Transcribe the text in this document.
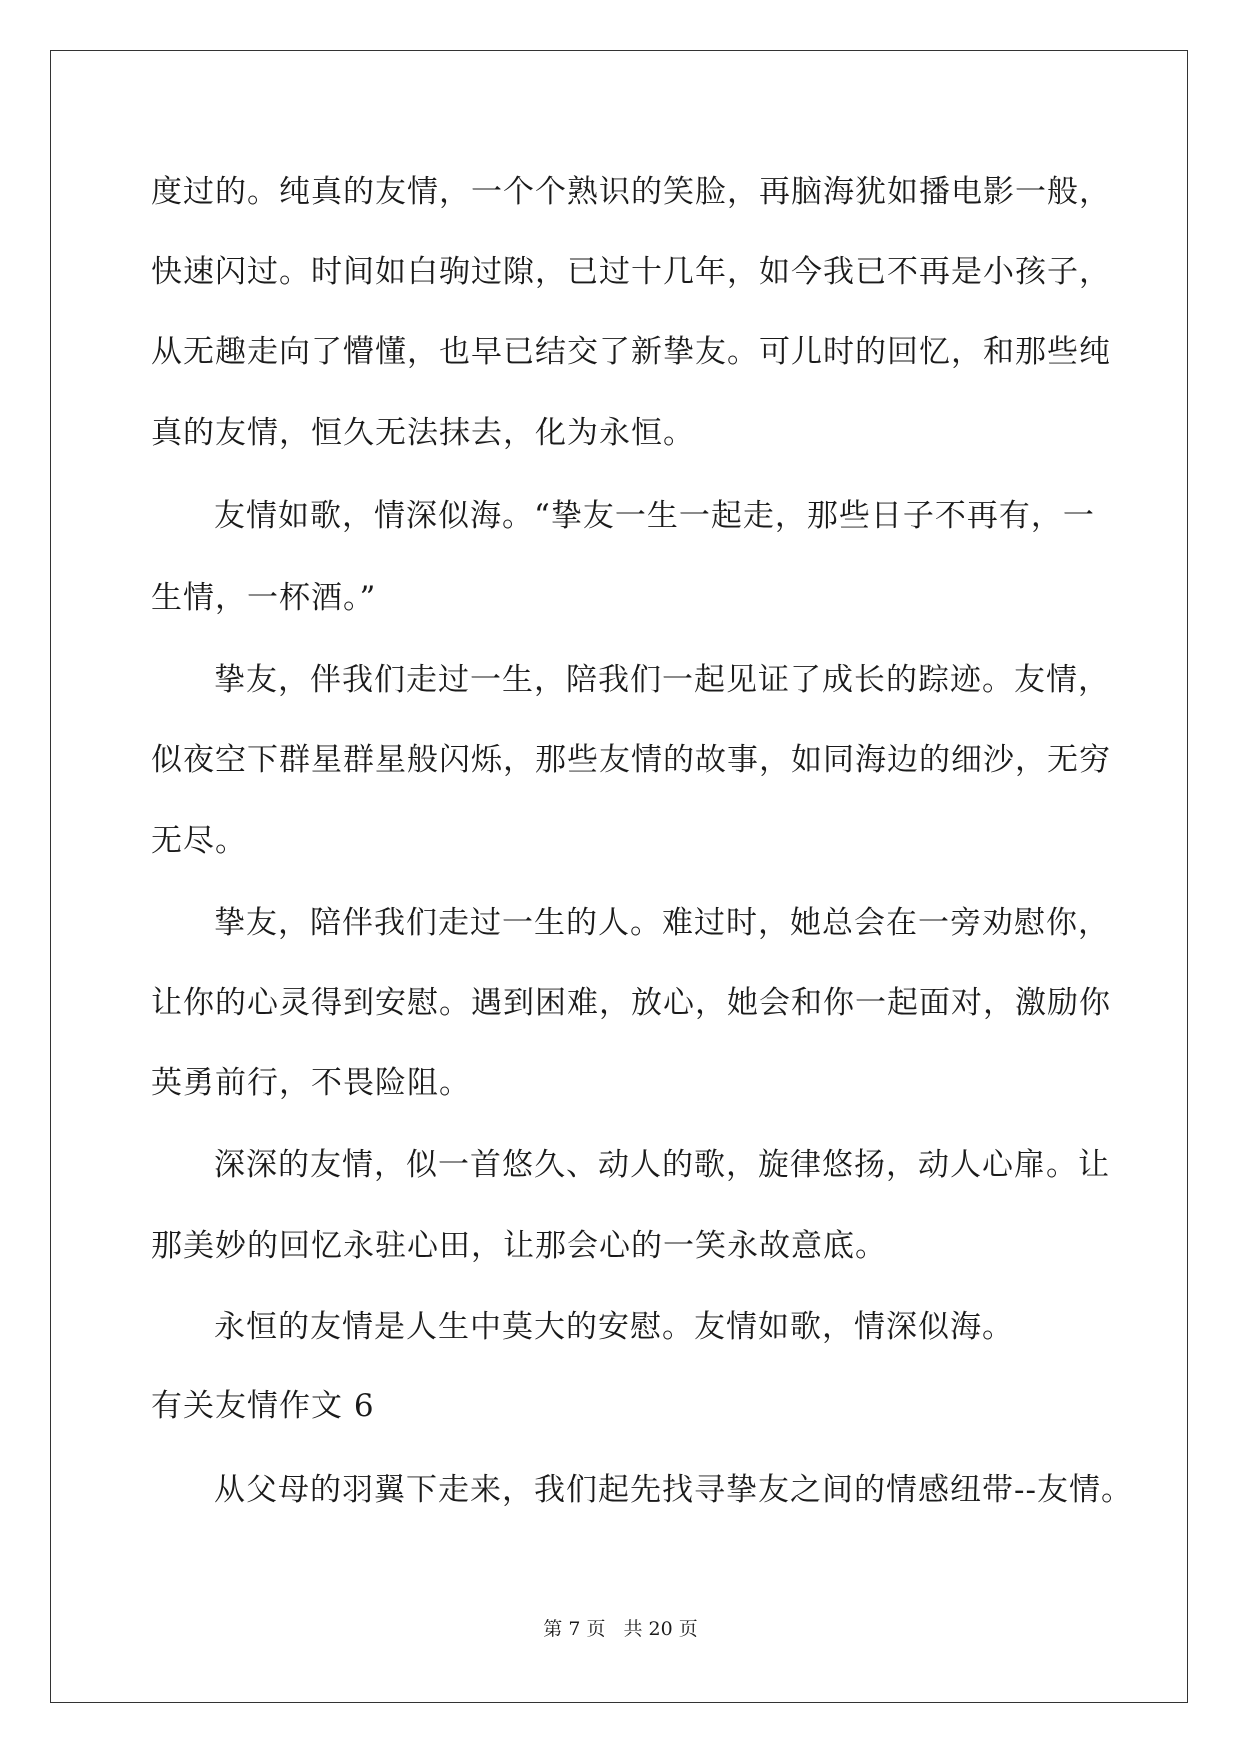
度过的。纯真的友情，一个个熟识的笑脸，再脑海犹如播电影一般，
快速闪过。时间如白驹过隙，已过十几年，如今我已不再是小孩子，
从无趣走向了懵懂，也早已结交了新挚友。可儿时的回忆，和那些纯
真的友情，恒久无法抹去，化为永恒。
友情如歌，情深似海。“挚友一生一起走，那些日子不再有，一
生情，一杯酒。”
挚友，伴我们走过一生，陪我们一起见证了成长的踪迹。友情，
似夜空下群星群星般闪烁，那些友情的故事，如同海边的细沙，无穷
无尽。
挚友，陪伴我们走过一生的人。难过时，她总会在一旁劝慰你，
让你的心灵得到安慰。遇到困难，放心，她会和你一起面对，激励你
英勇前行，不畏险阻。
深深的友情，似一首悠久、动人的歌，旋律悠扬，动人心扉。让
那美妙的回忆永驻心田，让那会心的一笑永故意底。
永恒的友情是人生中莫大的安慰。友情如歌，情深似海。
有关友情作文 6
从父母的羽翼下走来，我们起先找寻挚友之间的情感纽带--友情。
第 7 页 共 20 页
